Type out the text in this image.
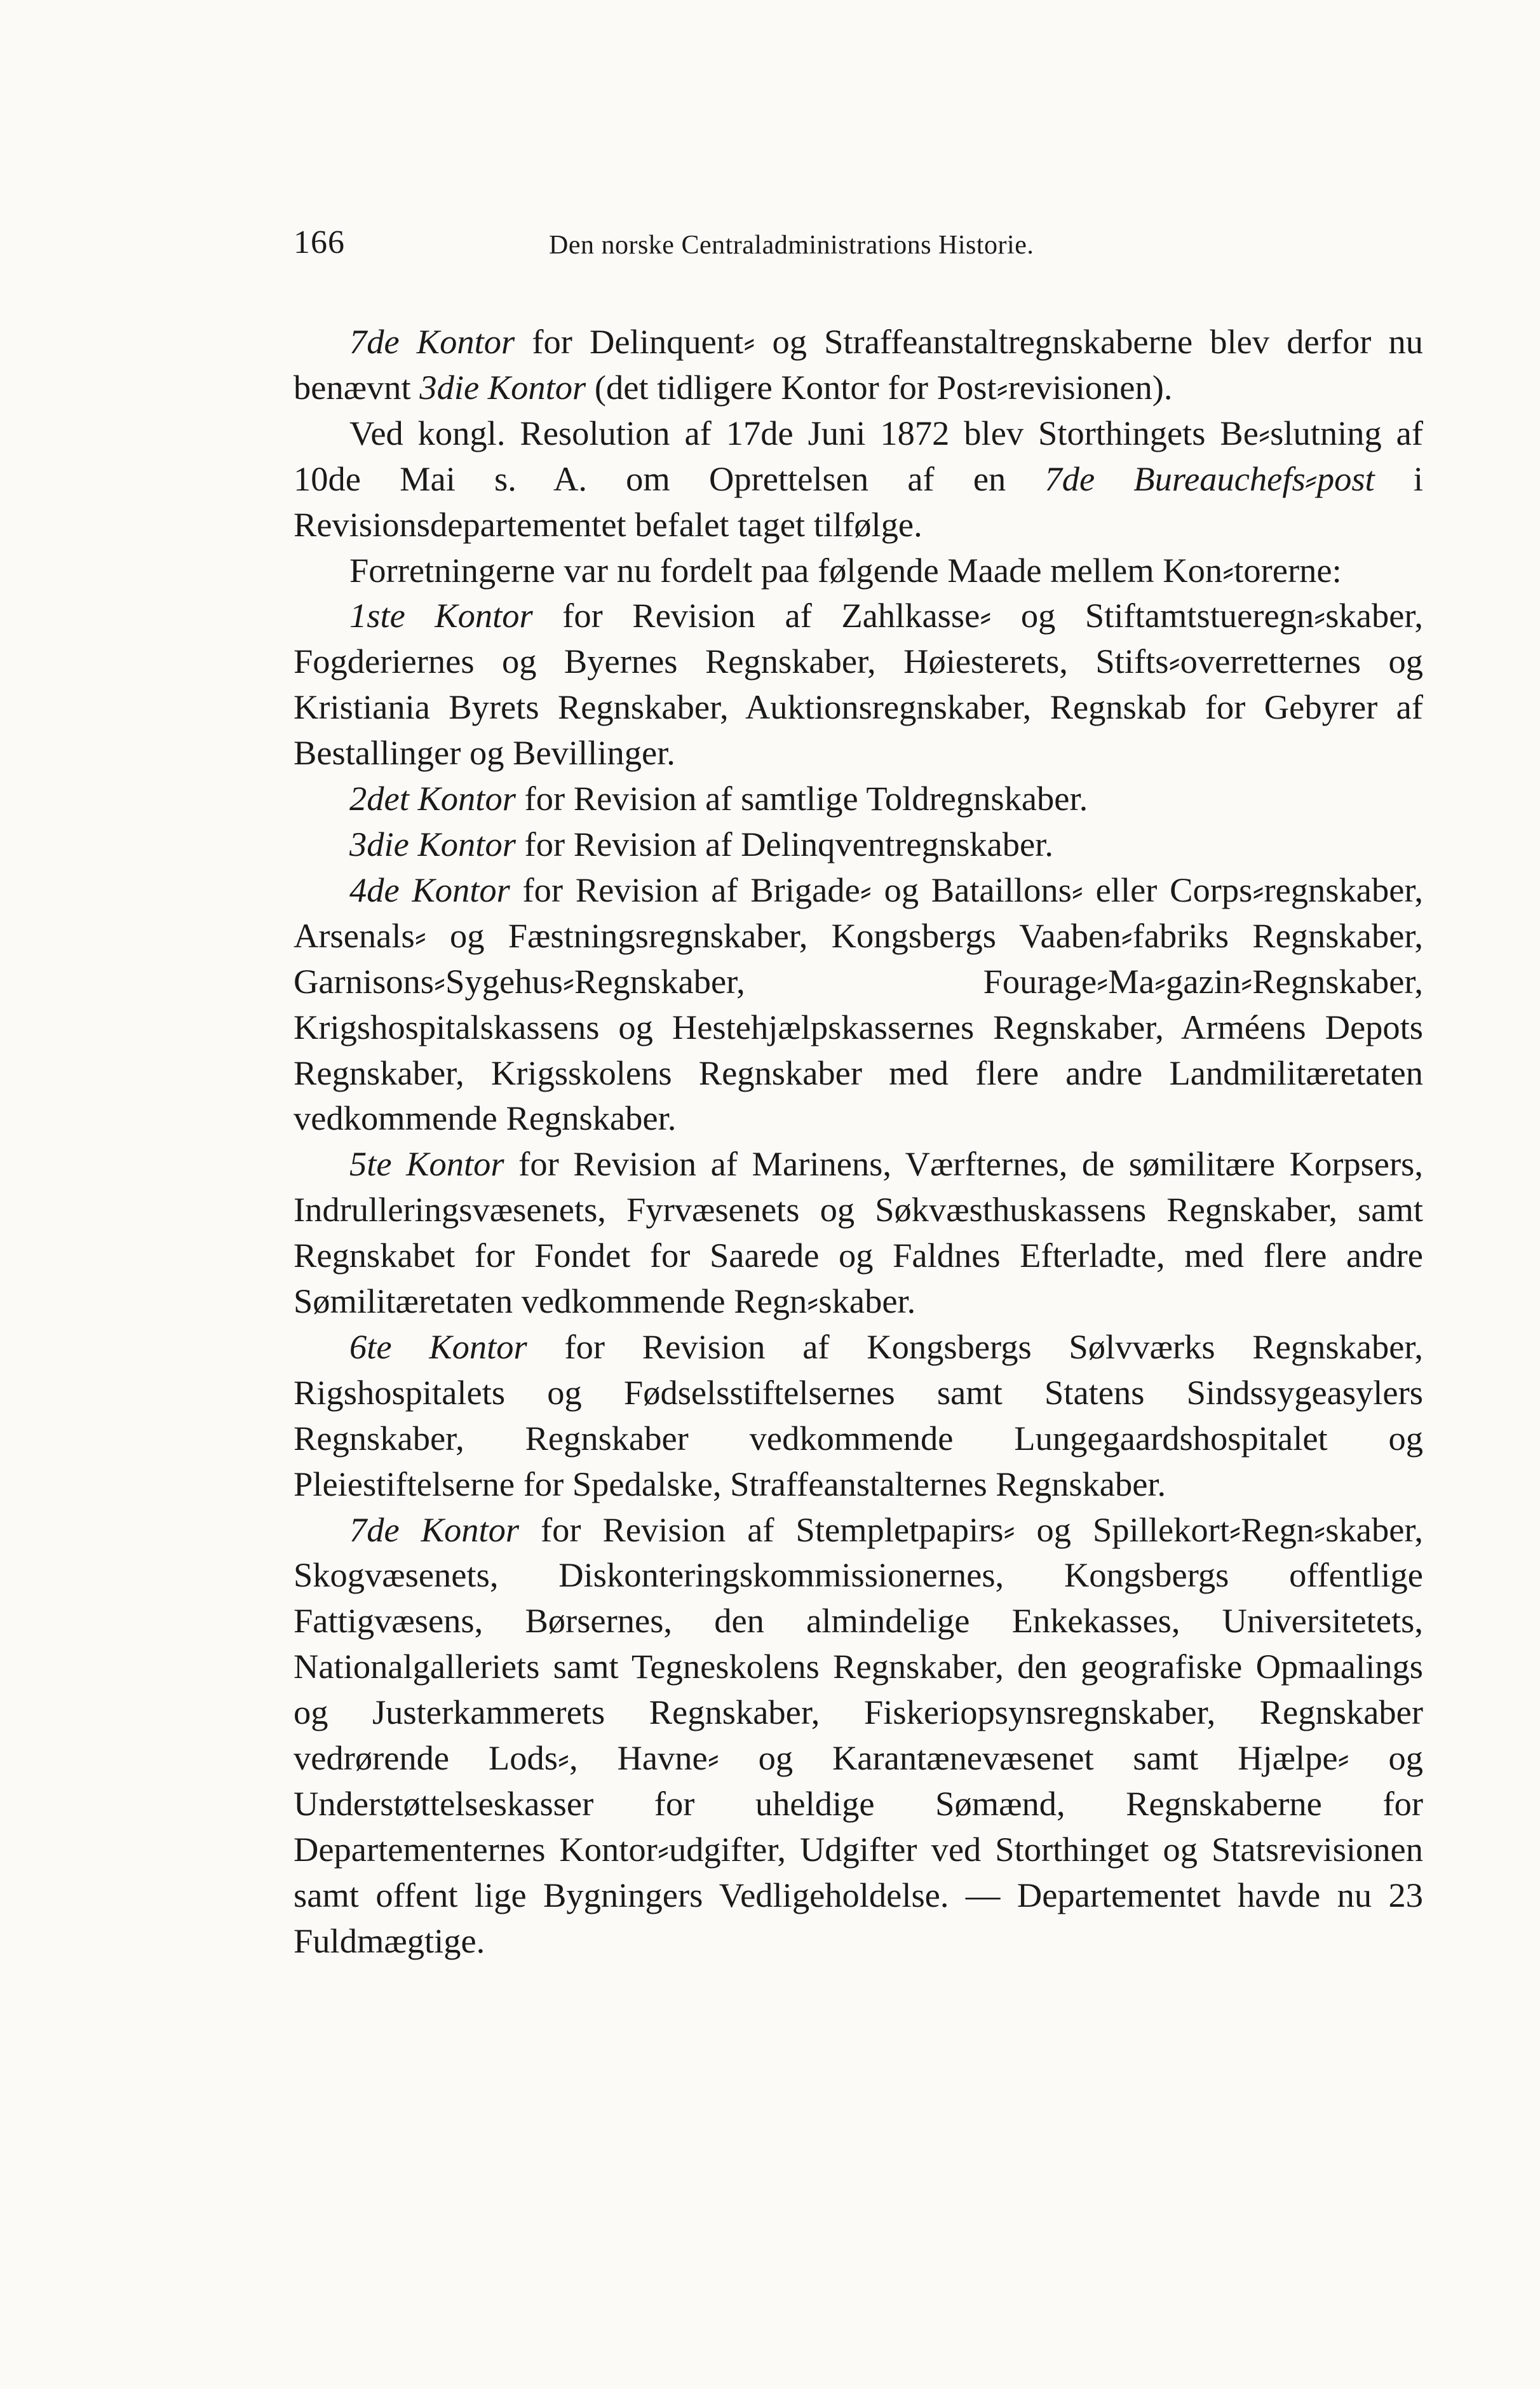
166	Den norske Centraladministrations Historie.

7de Kontor for Delinquent⸗ og Straffeanstaltregnskaberne blev derfor nu benævnt 3die Kontor (det tidligere Kontor for Post⸗revisionen).

Ved kongl. Resolution af 17de Juni 1872 blev Storthingets Be⸗slutning af 10de Mai s. A. om Oprettelsen af en 7de Bureauchefs⸗post i Revisionsdepartementet befalet taget tilfølge.

Forretningerne var nu fordelt paa følgende Maade mellem Kon⸗torerne:

1ste Kontor for Revision af Zahlkasse⸗ og Stiftamtstueregn⸗skaber, Fogderiernes og Byernes Regnskaber, Høiesterets, Stifts⸗overretternes og Kristiania Byrets Regnskaber, Auktionsregnskaber, Regnskab for Gebyrer af Bestallinger og Bevillinger.

2det Kontor for Revision af samtlige Toldregnskaber.

3die Kontor for Revision af Delinqventregnskaber.

4de Kontor for Revision af Brigade⸗ og Bataillons⸗ eller Corps⸗regnskaber, Arsenals⸗ og Fæstningsregnskaber, Kongsbergs Vaaben⸗fabriks Regnskaber, Garnisons⸗Sygehus⸗Regnskaber, Fourage⸗Ma⸗gazin⸗Regnskaber, Krigshospitalskassens og Hestehjælpskassernes Regnskaber, Arméens Depots Regnskaber, Krigsskolens Regnskaber med flere andre Landmilitæretaten vedkommende Regnskaber.

5te Kontor for Revision af Marinens, Værfternes, de sømilitære Korpsers, Indrulleringsvæsenets, Fyrvæsenets og Søkvæsthuskassens Regnskaber, samt Regnskabet for Fondet for Saarede og Faldnes Efterladte, med flere andre Sømilitæretaten vedkommende Regn⸗skaber.

6te Kontor for Revision af Kongsbergs Sølvværks Regnskaber, Rigshospitalets og Fødselsstiftelsernes samt Statens Sindssygeasylers Regnskaber, Regnskaber vedkommende Lungegaardshospitalet og Pleiestiftelserne for Spedalske, Straffeanstalternes Regnskaber.

7de Kontor for Revision af Stempletpapirs⸗ og Spillekort⸗Regn⸗skaber, Skogvæsenets, Diskonteringskommissionernes, Kongsbergs offentlige Fattigvæsens, Børsernes, den almindelige Enkekasses, Universitetets, Nationalgalleriets samt Tegneskolens Regnskaber, den geografiske Opmaalings og Justerkammerets Regnskaber, Fiskeriopsynsregnskaber, Regnskaber vedrørende Lods⸗, Havne⸗ og Karantænevæsenet samt Hjælpe⸗ og Understøttelseskasser for uheldige Sømænd, Regnskaberne for Departementernes Kontor⸗udgifter, Udgifter ved Storthinget og Statsrevisionen samt offent lige Bygningers Vedligeholdelse. — Departementet havde nu 23 Fuldmægtige.
